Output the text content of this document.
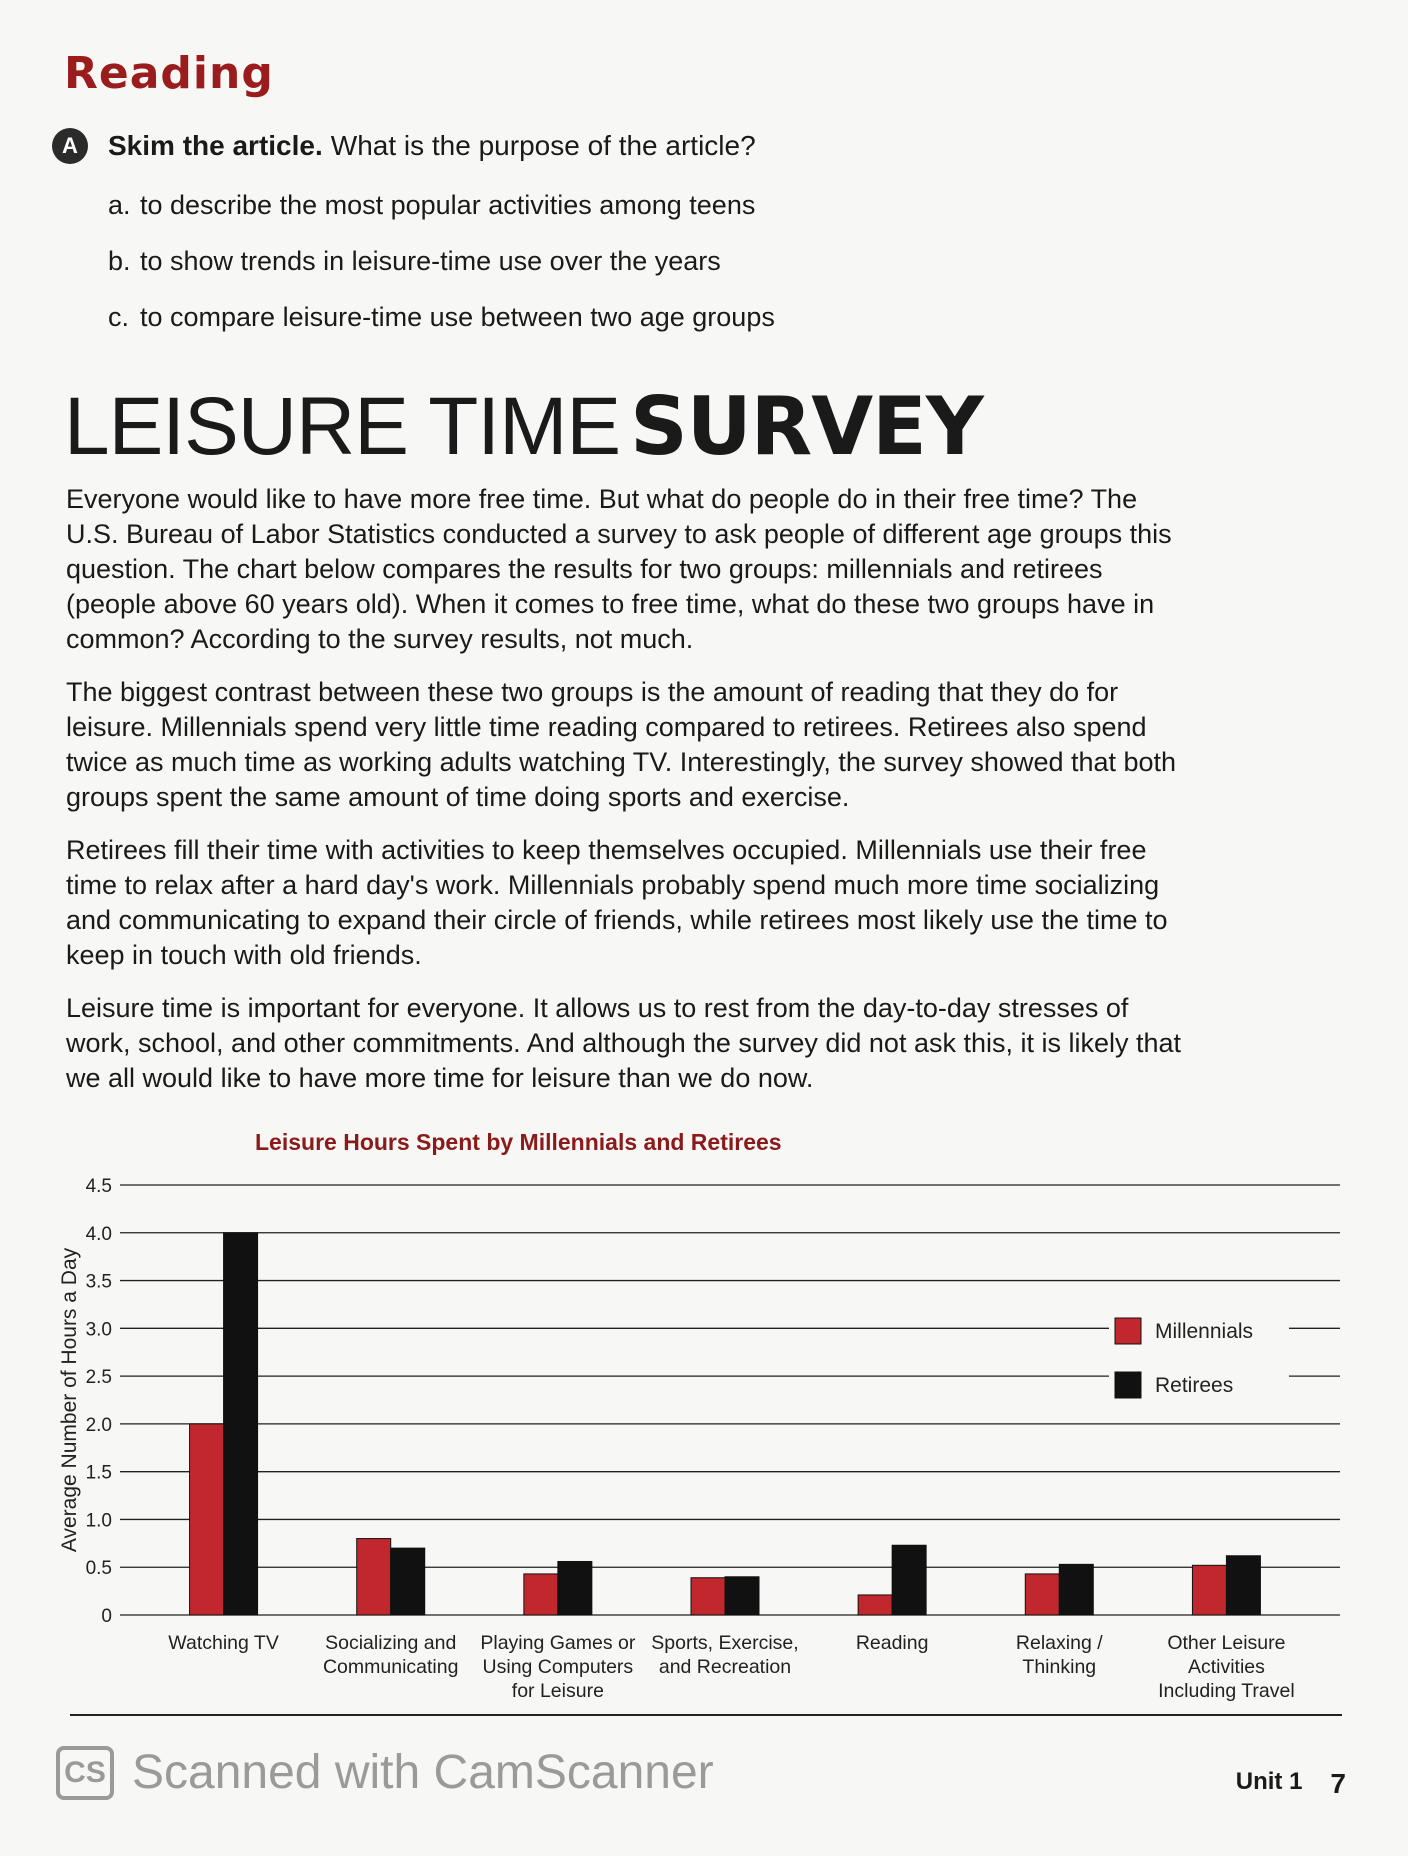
Reading
A	Skim the article. What is the purpose of the article?
a. to describe the most popular activities among teens
b. to show trends in leisure-time use over the years
c. to compare leisure-time use between two age groups
LEISURE TIME SURVEY

Everyone would like to have more free time. But what do people do in their free time? The U.S. Bureau of Labor Statistics conducted a survey to ask people of different age groups this question. The chart below compares the results for two groups: millennials and retirees (people above 60 years old). When it comes to free time, what do these two groups have in common? According to the survey results, not much.

The biggest contrast between these two groups is the amount of reading that they do for leisure. Millennials spend very little time reading compared to retirees. Retirees also spend twice as much time as working adults watching TV. Interestingly, the survey showed that both groups spent the same amount of time doing sports and exercise.

Retirees fill their time with activities to keep themselves occupied. Millennials use their free time to relax after a hard day's work. Millennials probably spend much more time socializing and communicating to expand their circle of friends, while retirees most likely use the time to keep in touch with old friends.

Leisure time is important for everyone. It allows us to rest from the day-to-day stresses of work, school, and other commitments. And although the survey did not ask this, it is likely that we all would like to have more time for leisure than we do now.

Leisure Hours Spent by Millennials and Retirees
Average Number of Hours a Day
0
0.5
1.0
1.5
2.0
2.5
3.0
3.5
4.0
4.5
Watching TV Socializing and
Communicating
Playing Games or
Using Computers
for Leisure
Sports, Exercise,
and Recreation
Reading	Relaxing /
Thinking
Other Leisure
Activities
Including Travel
Millennials
Retirees
CS Scanned with CamScanner	Unit 1 7
